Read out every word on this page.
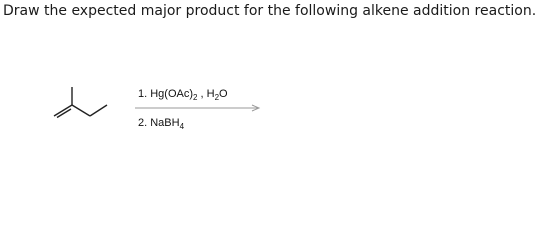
Draw the expected major product for the following alkene addition reaction.
1. $Hg(OAc)_2$ , $H_2O$
2. NaBH$_4$
